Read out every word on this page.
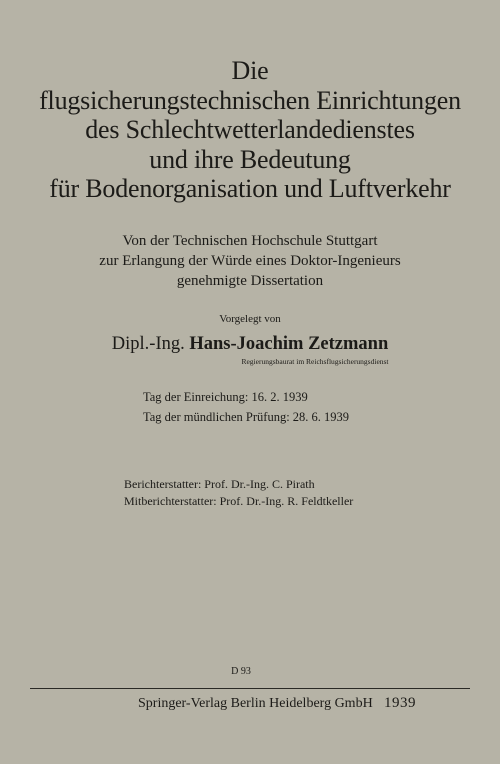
Die
flugsicherungstechnischen Einrichtungen
des Schlechtwetterlandedienstes
und ihre Bedeutung
für Bodenorganisation und Luftverkehr
Von der Technischen Hochschule Stuttgart
zur Erlangung der Würde eines Doktor-Ingenieurs
genehmigte Dissertation
Vorgelegt von
Dipl.-Ing. Hans-Joachim Zetzmann
Regierungsbaurat im Reichsflugsicherungsdienst
Tag der Einreichung: 16. 2. 1939
Tag der mündlichen Prüfung: 28. 6. 1939
Berichterstatter: Prof. Dr.-Ing. C. Pirath
Mitberichterstatter: Prof. Dr.-Ing. R. Feldtkeller
D 93
Springer-Verlag Berlin Heidelberg GmbH 1939
